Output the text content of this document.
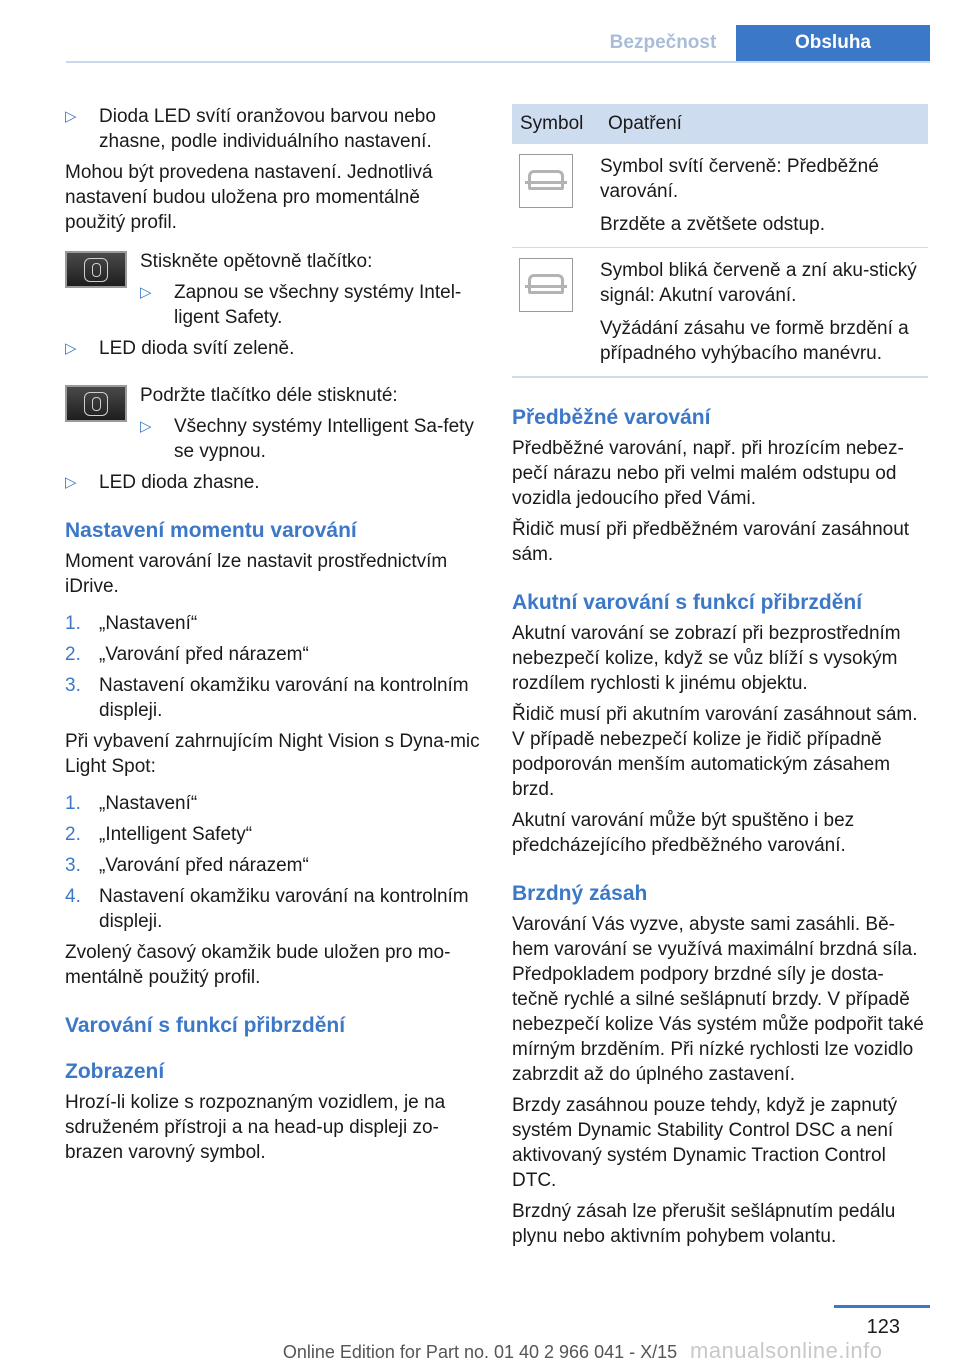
Bezpečnost	Obsluha
▷ Dioda LED svítí oranžovou barvou nebo zhasne, podle individuálního nastavení.

Mohou být provedena nastavení. Jednotlivá nastavení budou uložena pro momentálně použitý profil.

Stiskněte opětovně tlačítko:

▷ Zapnou se všechny systémy Intel-ligent Safety.
▷ LED dioda svítí zeleně.

Podržte tlačítko déle stisknuté:

▷ Všechny systémy Intelligent Sa-fety se vypnou.
▷ LED dioda zhasne.
Nastavení momentu varování

Moment varování lze nastavit prostřednictvím iDrive.

1. „Nastavení“
2. „Varování před nárazem“
3. Nastavení okamžiku varování na kontrolním displeji.

Při vybavení zahrnujícím Night Vision s Dyna-mic Light Spot:

1. „Nastavení“
2. „Intelligent Safety“
3. „Varování před nárazem“
4. Nastavení okamžiku varování na kontrolním displeji.

Zvolený časový okamžik bude uložen pro mo-mentálně použitý profil.

Varování s funkcí přibrzdění
Zobrazení

Hrozí-li kolize s rozpoznaným vozidlem, je na sdruženém přístroji a na head-up displeji zo-brazen varovný symbol.

Symbol	Opatření

Symbol svítí červeně: Předběžné varování.

Brzděte a zvětšete odstup.

Symbol bliká červeně a zní aku-stický signál: Akutní varování.

Vyžádání zásahu ve formě brzdění a případného vyhýbacího manévru.

Předběžné varování

Předběžné varování, např. při hrozícím nebez-pečí nárazu nebo při velmi malém odstupu od vozidla jedoucího před Vámi.

Řidič musí při předběžném varování zasáhnout sám.

Akutní varování s funkcí přibrzdění

Akutní varování se zobrazí při bezprostředním nebezpečí kolize, když se vůz blíží s vysokým rozdílem rychlosti k jinému objektu.

Řidič musí při akutním varování zasáhnout sám. V případě nebezpečí kolize je řidič případně podporován menším automatickým zásahem brzd.

Akutní varování může být spuštěno i bez předcházejícího předběžného varování.

Brzdný zásah

Varování Vás vyzve, abyste sami zasáhli. Bě-hem varování se využívá maximální brzdná síla. Předpokladem podpory brzdné síly je dosta-tečně rychlé a silné sešlápnutí brzdy. V případě nebezpečí kolize Vás systém může podpořit také mírným brzděním. Při nízké rychlosti lze vozidlo zabrzdit až do úplného zastavení.

Brzdy zasáhnou pouze tehdy, když je zapnutý systém Dynamic Stability Control DSC a není aktivovaný systém Dynamic Traction Control DTC.

Brzdný zásah lze přerušit sešlápnutím pedálu plynu nebo aktivním pohybem volantu.

123
Online Edition for Part no. 01 40 2 966 041 - X/15 manualsonline.info
